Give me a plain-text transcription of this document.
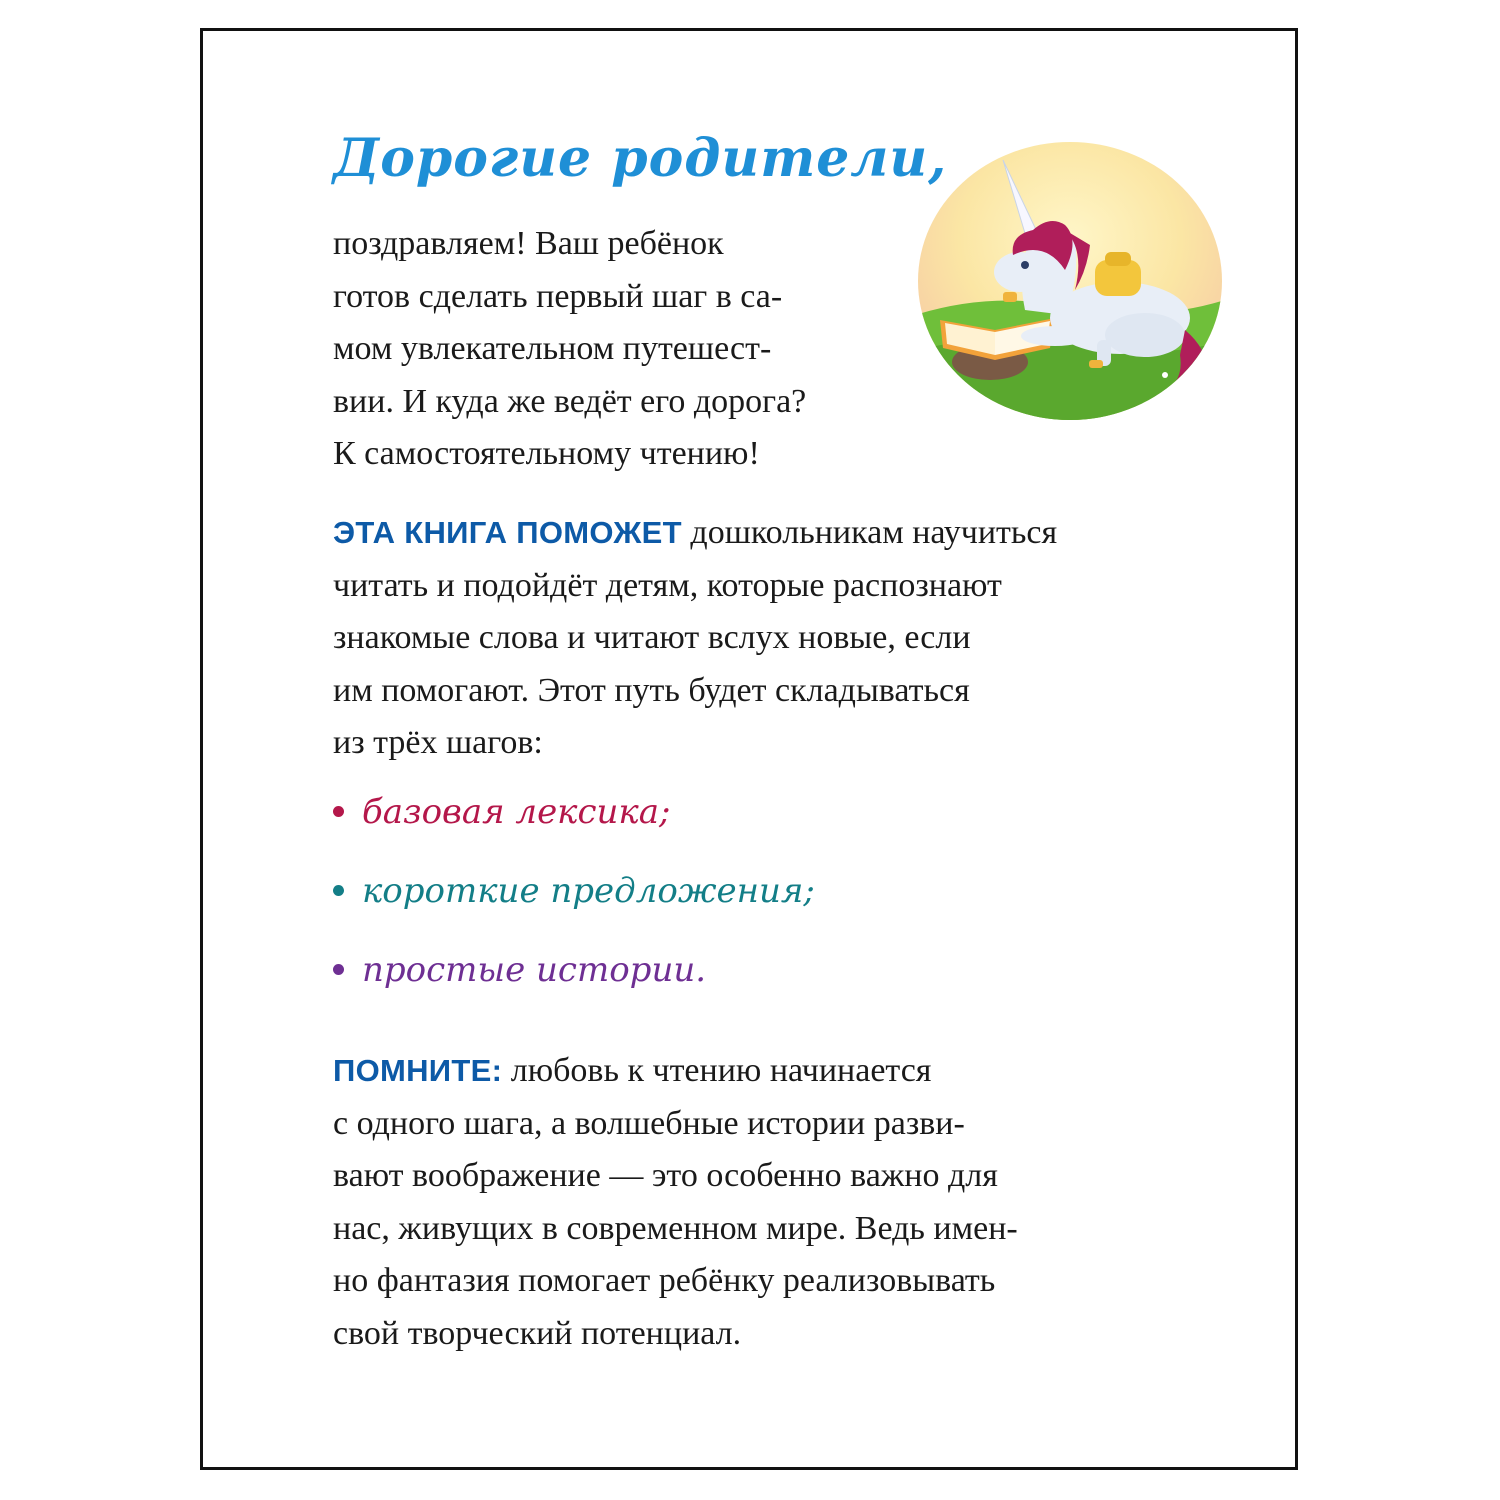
Дорогие родители,

поздравляем! Ваш ребёнок
готов сделать первый шаг в са-
мом увлекательном путешест-
вии. И куда же ведёт его дорога?
К самостоятельному чтению!

ЭТА КНИГА ПОМОЖЕТ дошкольникам научиться
читать и подойдёт детям, которые распознают
знакомые слова и читают вслух новые, если
им помогают. Этот путь будет складываться
из трёх шагов:

базовая лексика;
короткие предложения;
простые истории.

ПОМНИТЕ: любовь к чтению начинается
с одного шага, а волшебные истории разви-
вают воображение — это особенно важно для
нас, живущих в современном мире. Ведь имен-
но фантазия помогает ребёнку реализовывать
свой творческий потенциал.
